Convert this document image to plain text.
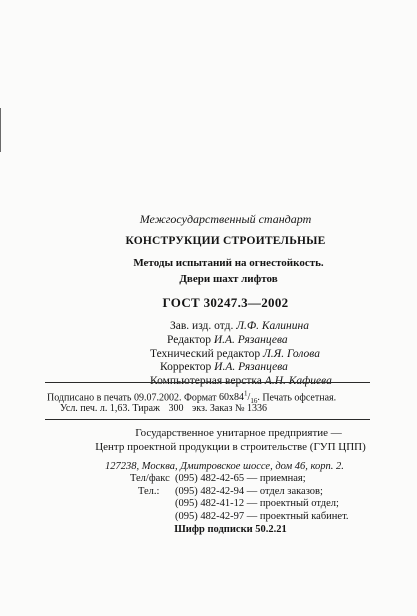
Межгосударственный стандарт
КОНСТРУКЦИИ СТРОИТЕЛЬНЫЕ
Методы испытаний на огнестойкость.
Двери шахт лифтов
ГОСТ 30247.3—2002
Зав. изд. отд. Л.Ф. Калинина
Редактор И.А. Рязанцева
Технический редактор Л.Я. Голова
Корректор И.А. Рязанцева
Подписано в печать 09.07.2002. Формат $60x84^1/_{16}$. Печать офсетная.
Усл. печ. л. 1,63. Тираж 300 экз. Заказ № 1336
Государственное унитарное предприятие —
Центр проектной продукции в строительстве (ГУП ЦПП)
127238, Москва, Дмитровское шоссе, дом 46, корп. 2.
Тел/факс (095) 482-42-65 — приемная;
Тел.: (095) 482-42-94 — отдел заказов;
(095) 482-41-12 — проектный отдел;
(095) 482-42-97 — проектный кабинет.
Шифр подписки 50.2.21
